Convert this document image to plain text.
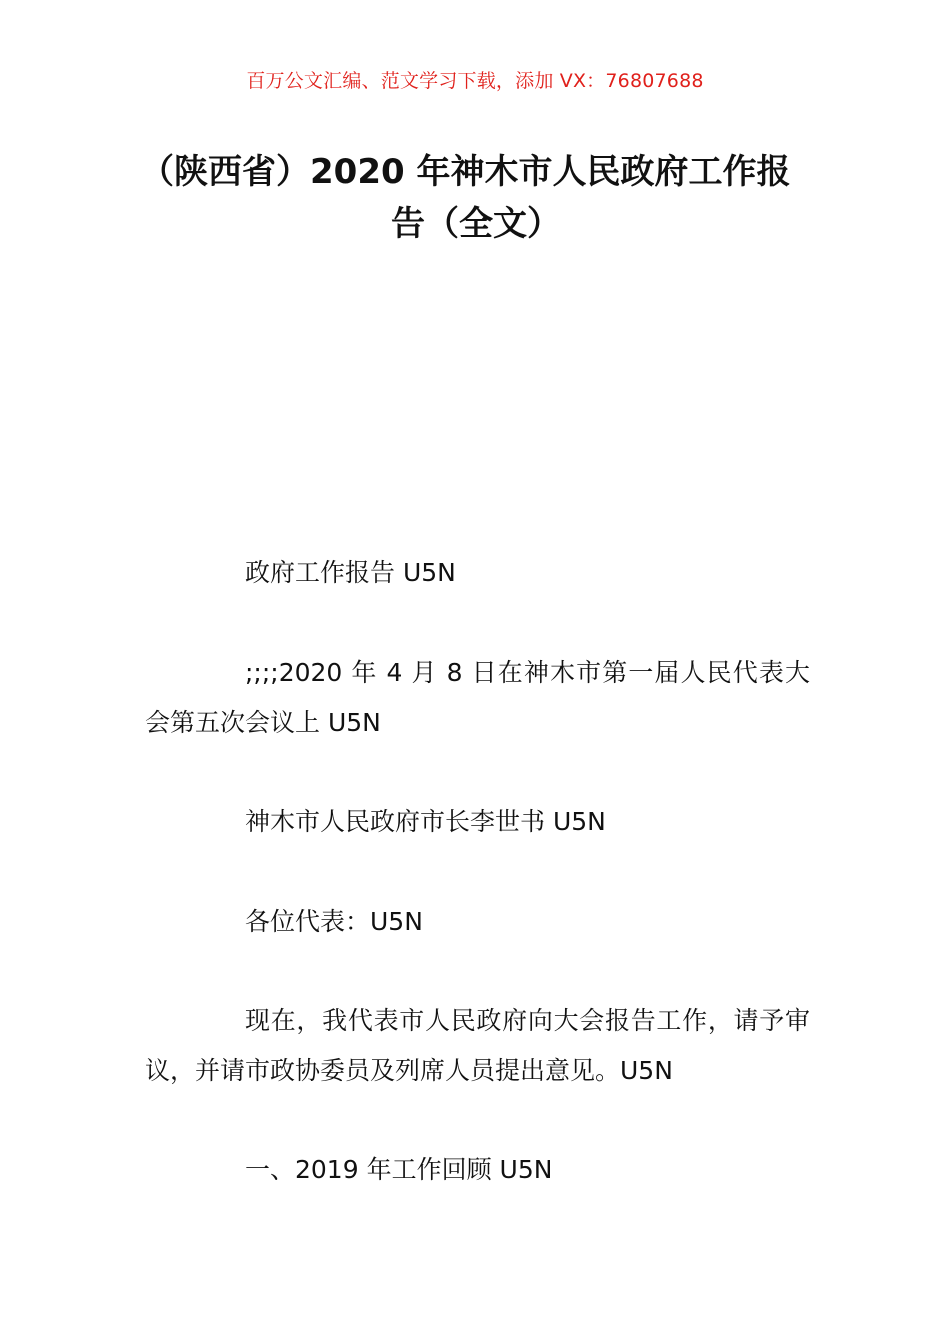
百万公文汇编、范文学习下载，添加 VX：76807688
（陕西省）2020 年神木市人民政府工作报
告（全文）

政府工作报告 U5N

;;;;2020 年 4 月 8 日在神木市第一届人民代表大会第五次会议上 U5N

神木市人民政府市长李世书 U5N

各位代表：U5N

现在，我代表市人民政府向大会报告工作，请予审议，并请市政协委员及列席人员提出意见。U5N

一、2019 年工作回顾 U5N
